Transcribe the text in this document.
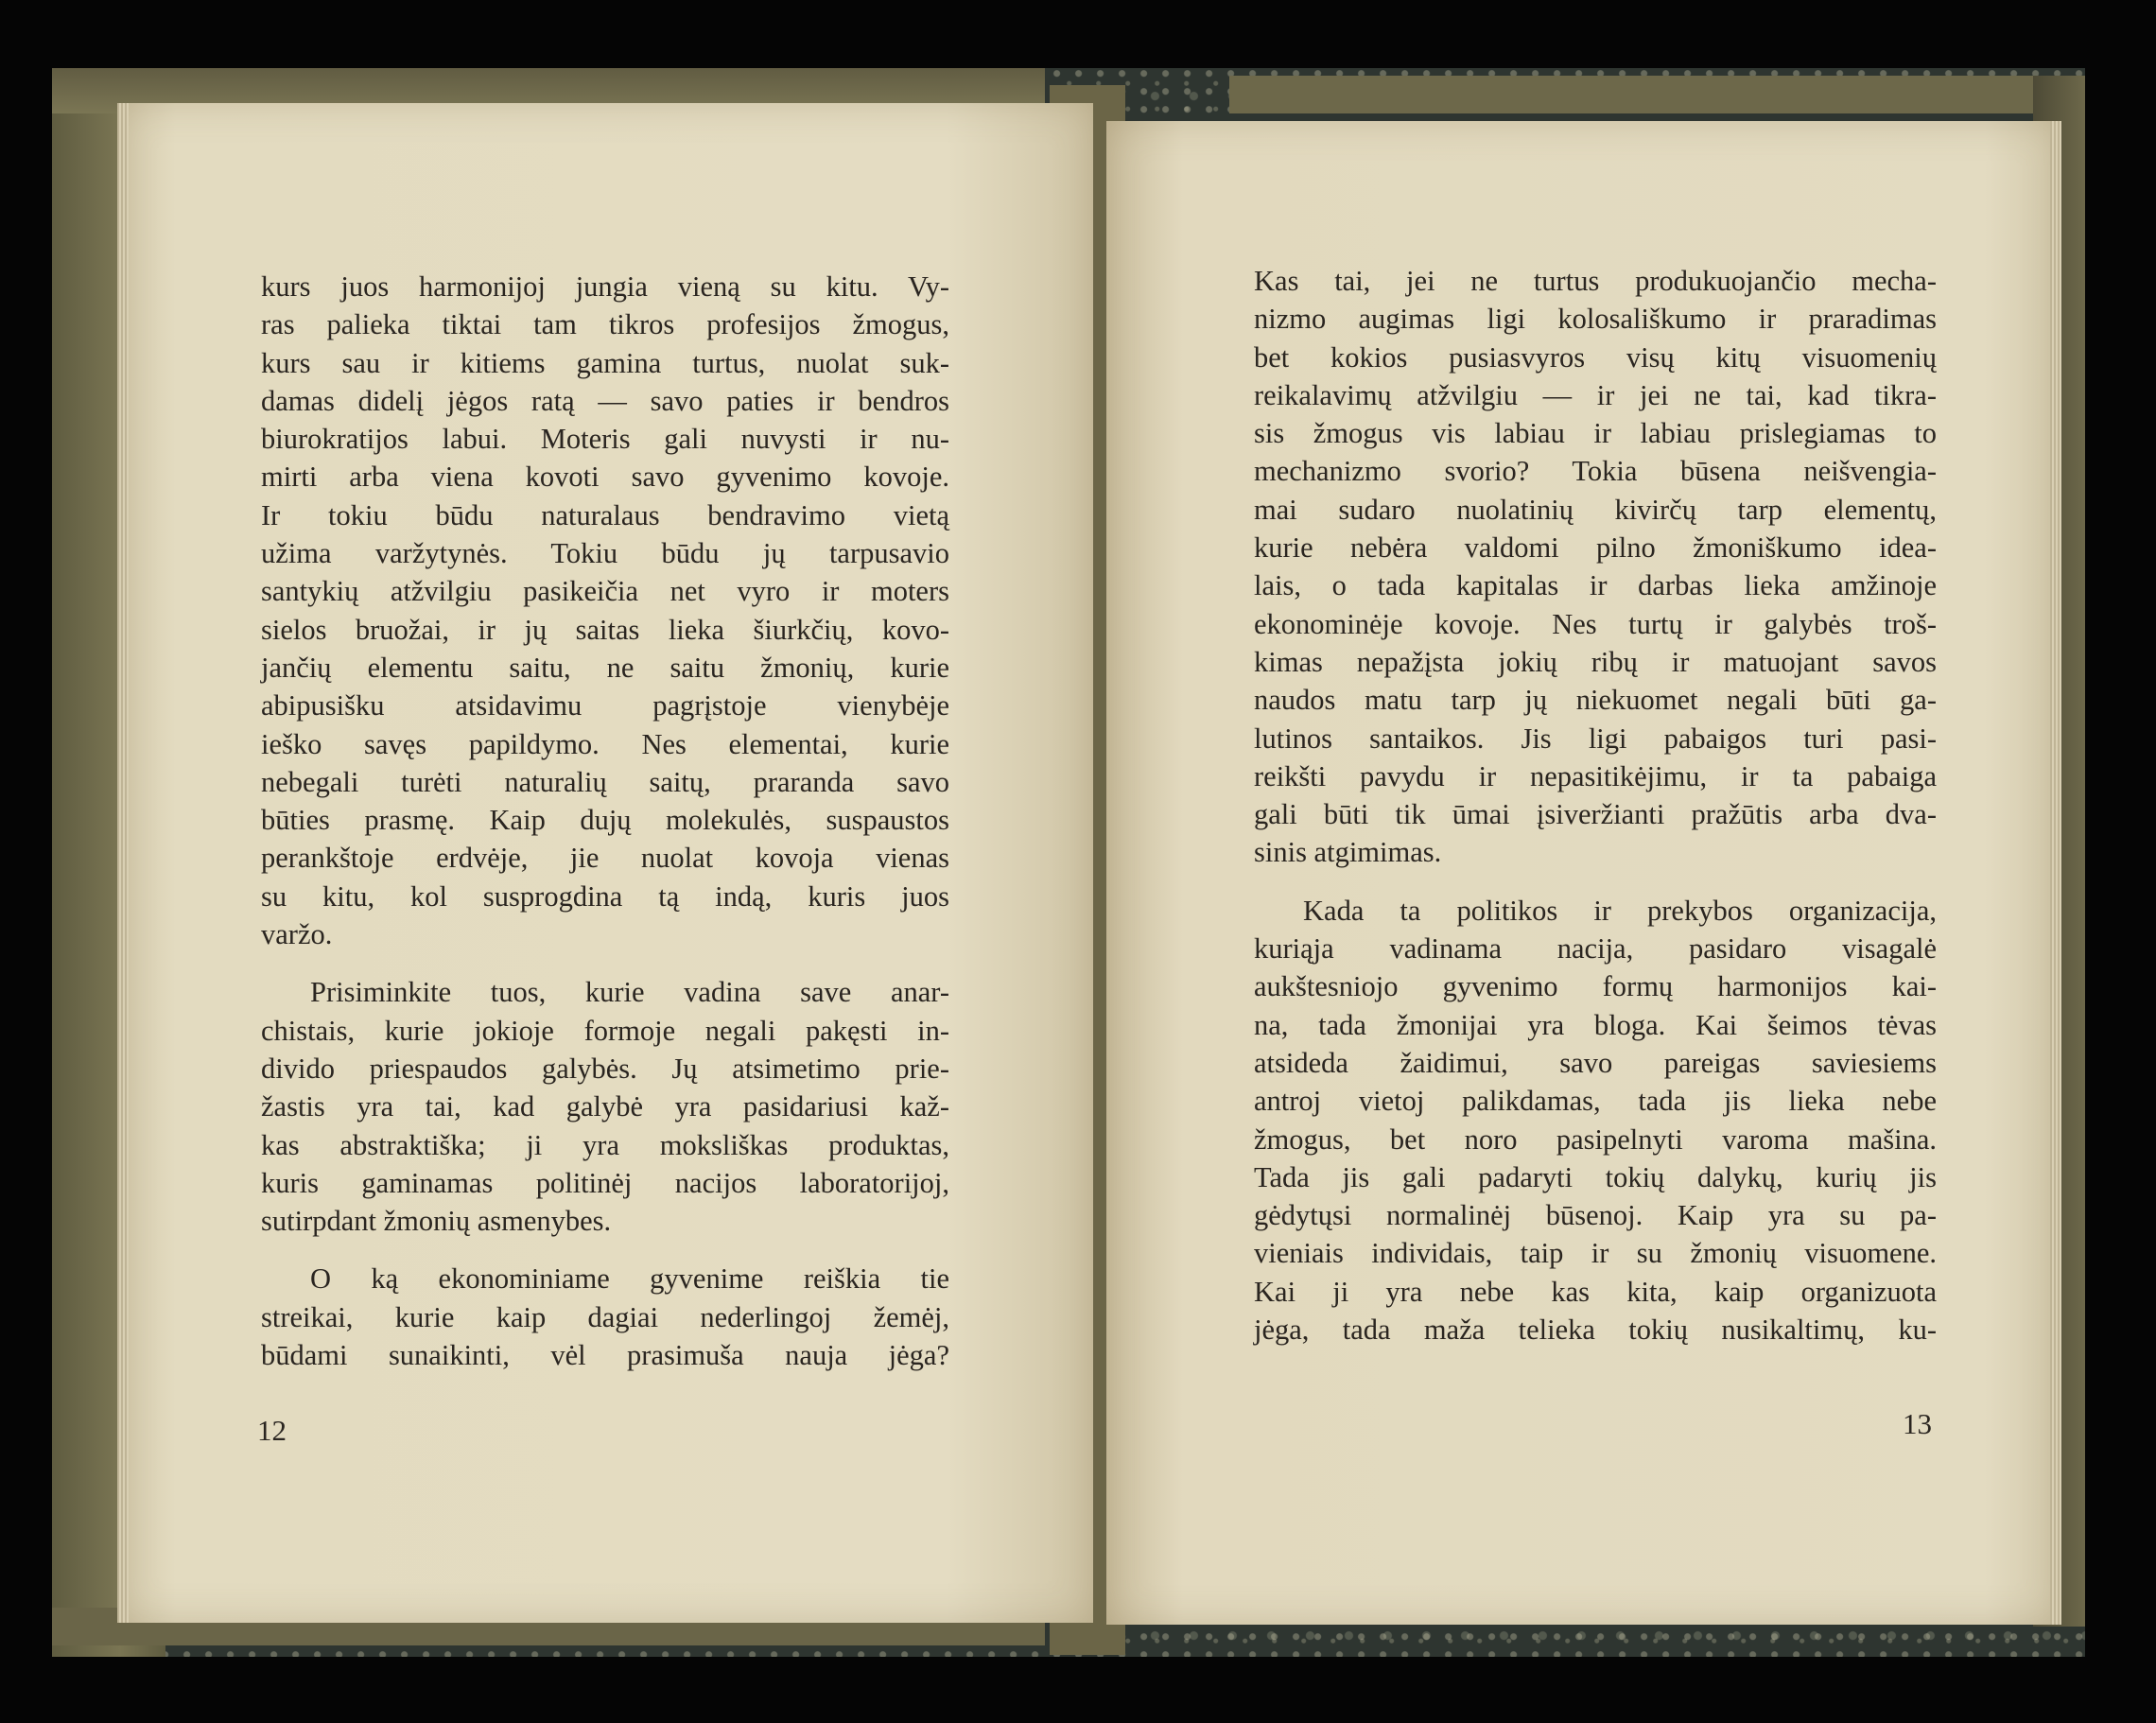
kurs juos harmonijoj jungia vieną su kitu. Vy-
ras palieka tiktai tam tikros profesijos žmogus,
kurs sau ir kitiems gamina turtus, nuolat suk-
damas didelį jėgos ratą — savo paties ir bendros
biurokratijos labui. Moteris gali nuvysti ir nu-
mirti arba viena kovoti savo gyvenimo kovoje.
Ir tokiu būdu naturalaus bendravimo vietą
užima varžytynės. Tokiu būdu jų tarpusavio
santykių atžvilgiu pasikeičia net vyro ir moters
sielos bruožai, ir jų saitas lieka šiurkčių, kovo-
jančių elementu saitu, ne saitu žmonių, kurie
abipusišku atsidavimu pagrįstoje vienybėje
ieško savęs papildymo. Nes elementai, kurie
nebegali turėti naturalių saitų, praranda savo
būties prasmę. Kaip dujų molekulės, suspaustos
perankštoje erdvėje, jie nuolat kovoja vienas
su kitu, kol susprogdina tą indą, kuris juos
varžo.
Prisiminkite tuos, kurie vadina save anar-
chistais, kurie jokioje formoje negali pakęsti in-
divido priespaudos galybės. Jų atsimetimo prie-
žastis yra tai, kad galybė yra pasidariusi kaž-
kas abstraktiška; ji yra moksliškas produktas,
kuris gaminamas politinėj nacijos laboratorijoj,
sutirpdant žmonių asmenybes.
O ką ekonominiame gyvenime reiškia tie
streikai, kurie kaip dagiai nederlingoj žemėj,
būdami sunaikinti, vėl prasimuša nauja jėga?
Kas tai, jei ne turtus produkuojančio mecha-
nizmo augimas ligi kolosališkumo ir praradimas
bet kokios pusiasvyros visų kitų visuomenių
reikalavimų atžvilgiu — ir jei ne tai, kad tikra-
sis žmogus vis labiau ir labiau prislegiamas to
mechanizmo svorio? Tokia būsena neišvengia-
mai sudaro nuolatinių kivirčų tarp elementų,
kurie nebėra valdomi pilno žmoniškumo idea-
lais, o tada kapitalas ir darbas lieka amžinoje
ekonominėje kovoje. Nes turtų ir galybės troš-
kimas nepažįsta jokių ribų ir matuojant savos
naudos matu tarp jų niekuomet negali būti ga-
lutinos santaikos. Jis ligi pabaigos turi pasi-
reikšti pavydu ir nepasitikėjimu, ir ta pabaiga
gali būti tik ūmai įsiveržianti pražūtis arba dva-
sinis atgimimas.
Kada ta politikos ir prekybos organizacija,
kuriąja vadinama nacija, pasidaro visagalė
aukštesniojo gyvenimo formų harmonijos kai-
na, tada žmonijai yra bloga. Kai šeimos tėvas
atsideda žaidimui, savo pareigas saviesiems
antroj vietoj palikdamas, tada jis lieka nebe
žmogus, bet noro pasipelnyti varoma mašina.
Tada jis gali padaryti tokių dalykų, kurių jis
gėdytųsi normalinėj būsenoj. Kaip yra su pa-
vieniais individais, taip ir su žmonių visuomene.
Kai ji yra nebe kas kita, kaip organizuota
jėga, tada maža telieka tokių nusikaltimų, ku-
12	13
